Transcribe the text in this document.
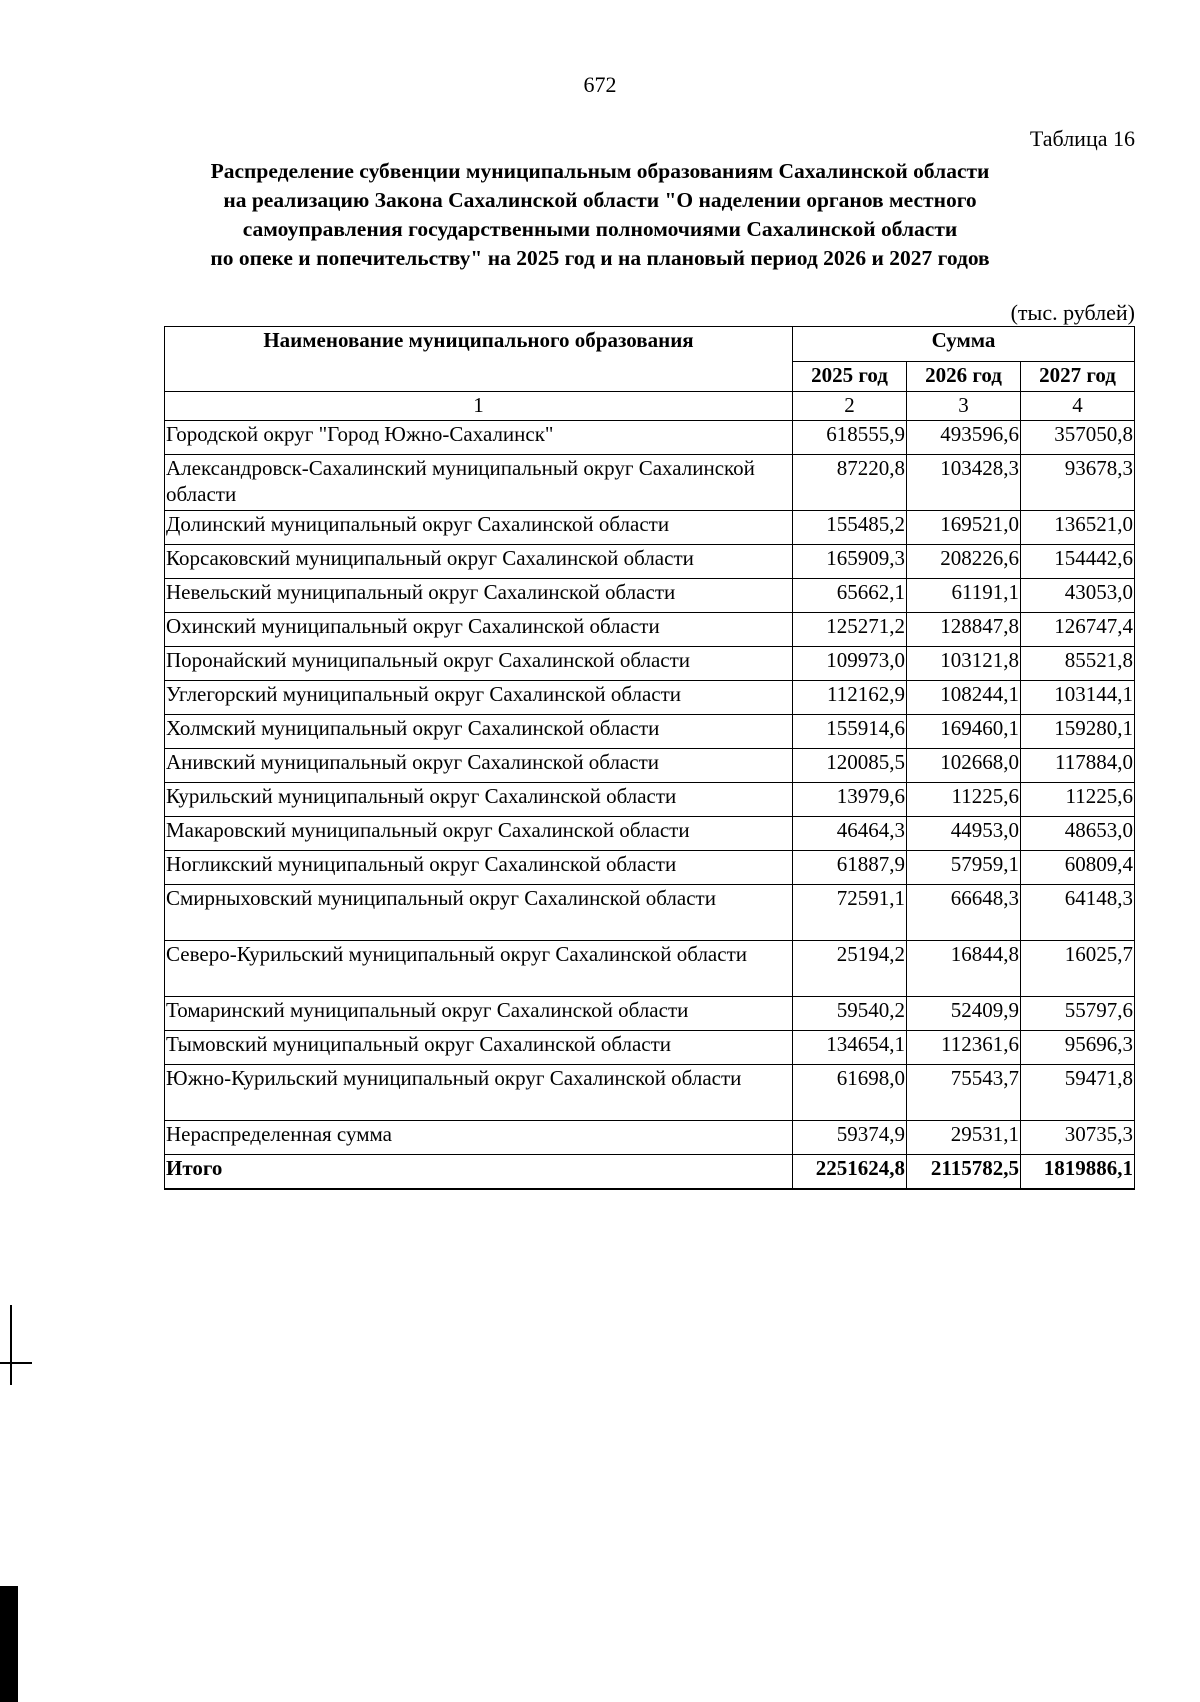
672
Таблица 16
Распределение субвенции муниципальным образованиям Сахалинской области
на реализацию Закона Сахалинской области "О наделении органов местного
самоуправления государственными полномочиями Сахалинской области
по опеке и попечительству" на 2025 год и на плановый период 2026 и 2027 годов
(тыс. рублей)
Наименование муниципального образования	Сумма		
	2025 год	2026 год	2027 год
1	2	3	4
Городской округ "Город Южно-Сахалинск"	618555,9	493596,6	357050,8
Александровск-Сахалинский муниципальный округ Сахалинской области	87220,8	103428,3	93678,3
Долинский муниципальный округ Сахалинской области	155485,2	169521,0	136521,0
Корсаковский муниципальный округ Сахалинской области	165909,3	208226,6	154442,6
Невельский муниципальный округ Сахалинской области	65662,1	61191,1	43053,0
Охинский муниципальный округ Сахалинской области	125271,2	128847,8	126747,4
Поронайский муниципальный округ Сахалинской области	109973,0	103121,8	85521,8
Углегорский муниципальный округ Сахалинской области	112162,9	108244,1	103144,1
Холмский муниципальный округ Сахалинской области	155914,6	169460,1	159280,1
Анивский муниципальный округ Сахалинской области	120085,5	102668,0	117884,0
Курильский муниципальный округ Сахалинской области	13979,6	11225,6	11225,6
Макаровский муниципальный округ Сахалинской области	46464,3	44953,0	48653,0
Ногликский муниципальный округ Сахалинской области	61887,9	57959,1	60809,4
Смирныховский муниципальный округ Сахалинской области	72591,1	66648,3	64148,3
Северо-Курильский муниципальный округ Сахалинской области	25194,2	16844,8	16025,7
Томаринский муниципальный округ Сахалинской области	59540,2	52409,9	55797,6
Тымовский муниципальный округ Сахалинской области	134654,1	112361,6	95696,3
Южно-Курильский муниципальный округ Сахалинской области	61698,0	75543,7	59471,8
Нераспределенная сумма	59374,9	29531,1	30735,3
Итого	2251624,8	2115782,5	1819886,1
